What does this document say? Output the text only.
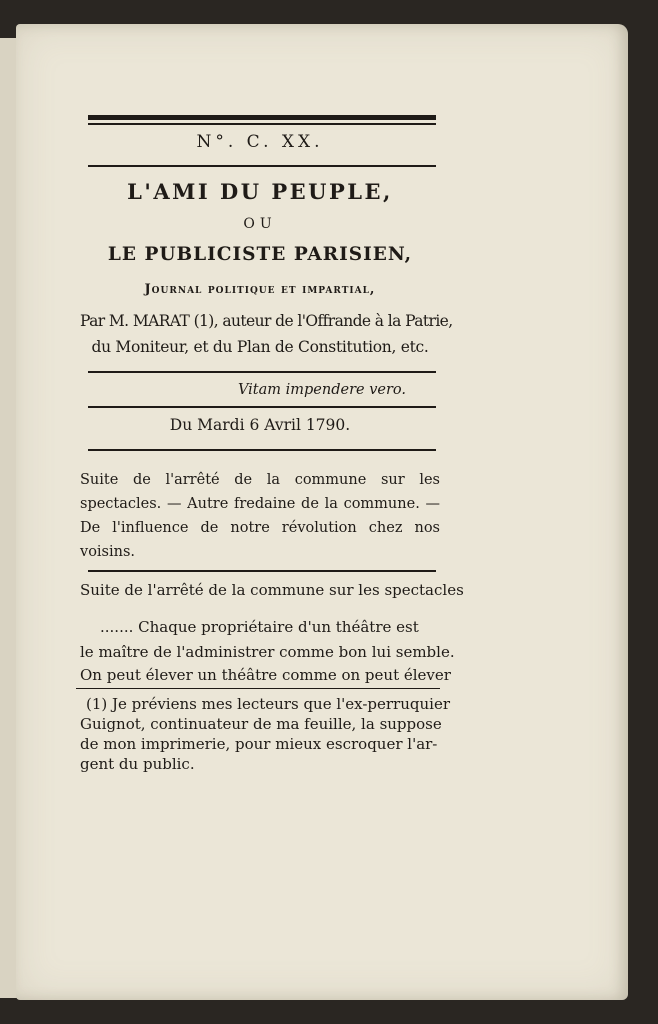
N°. C. XX.
L'AMI DU PEUPLE,
OU
LE PUBLICISTE PARISIEN,
Journal politique et impartial,
Par M. MARAT (1), auteur de l'Offrande à la Patrie,
du Moniteur, et du Plan de Constitution, etc.
Vitam impendere vero.
Du Mardi 6 Avril 1790.
Suite de l'arrêté de la commune sur les spectacles. — Autre fredaine de la commune. — De l'influence de notre révolution chez nos voisins.
Suite de l'arrêté de la commune sur les spectacles
....... Chaque propriétaire d'un théâtre est
le maître de l'administrer comme bon lui semble.
On peut élever un théâtre comme on peut élever
(1) Je préviens mes lecteurs que l'ex-perruquier
Guignot, continuateur de ma feuille, la suppose
de mon imprimerie, pour mieux escroquer l'ar-
gent du public.
